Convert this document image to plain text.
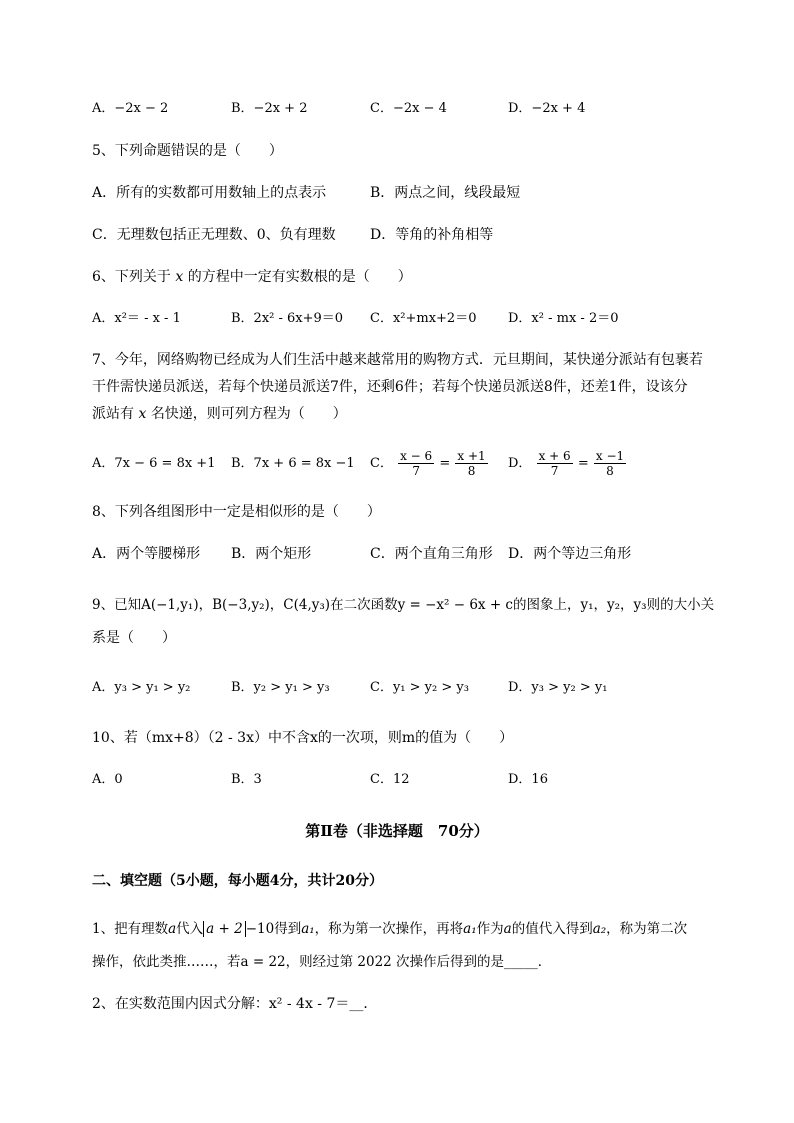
A．−2x − 2	B．−2x + 2	C．−2x − 4	D．−2x + 4
5、下列命题错误的是（　　）
A．所有的实数都可用数轴上的点表示	B．两点之间，线段最短
C．无理数包括正无理数、0、负有理数 D．等角的补角相等
6、下列关于 x 的方程中一定有实数根的是（　　）
A．x²＝ - x - 1	B．2x² - 6x+9＝0 C．x²+mx+2＝0 D．x² - mx - 2＝0
7、今年，网络购物已经成为人们生活中越来越常用的购物方式．元旦期间，某快递分派站有包裹若
干件需快递员派送，若每个快递员派送7件，还剩6件；若每个快递员派送8件，还差1件，设该分
派站有 x 名快递，则可列方程为（　　）
A．7x − 6 = 8x +1 B．7x + 6 = 8x −1 C． $\frac{x - 6}{7} = \frac{x +1}{8}$ D． $\frac{x + 6}{7} = \frac{x -1}{8}$
8、下列各组图形中一定是相似形的是（　　）
A．两个等腰梯形 B．两个矩形	C．两个直角三角形 D．两个等边三角形
9、已知A(−1,y₁)，B(−3,y₂)，C(4,y₃)在二次函数y = −x² − 6x + c的图象上，y₁，y₂，y₃则的大小关
系是（　　）
A．y₃ > y₁ > y₂	B．y₂ > y₁ > y₃	C．y₁ > y₂ > y₃	D．y₃ > y₂ > y₁
10、若（mx+8）（2 - 3x）中不含x的一次项，则m的值为（　　）
A．0	B．3	C．12	D．16
第Ⅱ卷（非选择题　70分）
二、填空题（5小题，每小题4分，共计20分）
1、把有理数a代入 a + 2 −10得到a₁，称为第一次操作，再将a₁作为a的值代入得到a₂，称为第二次
操作，依此类推……，若a = 22，则经过第 2022 次操作后得到的是_____．
2、在实数范围内因式分解：x² - 4x - 7＝__．
